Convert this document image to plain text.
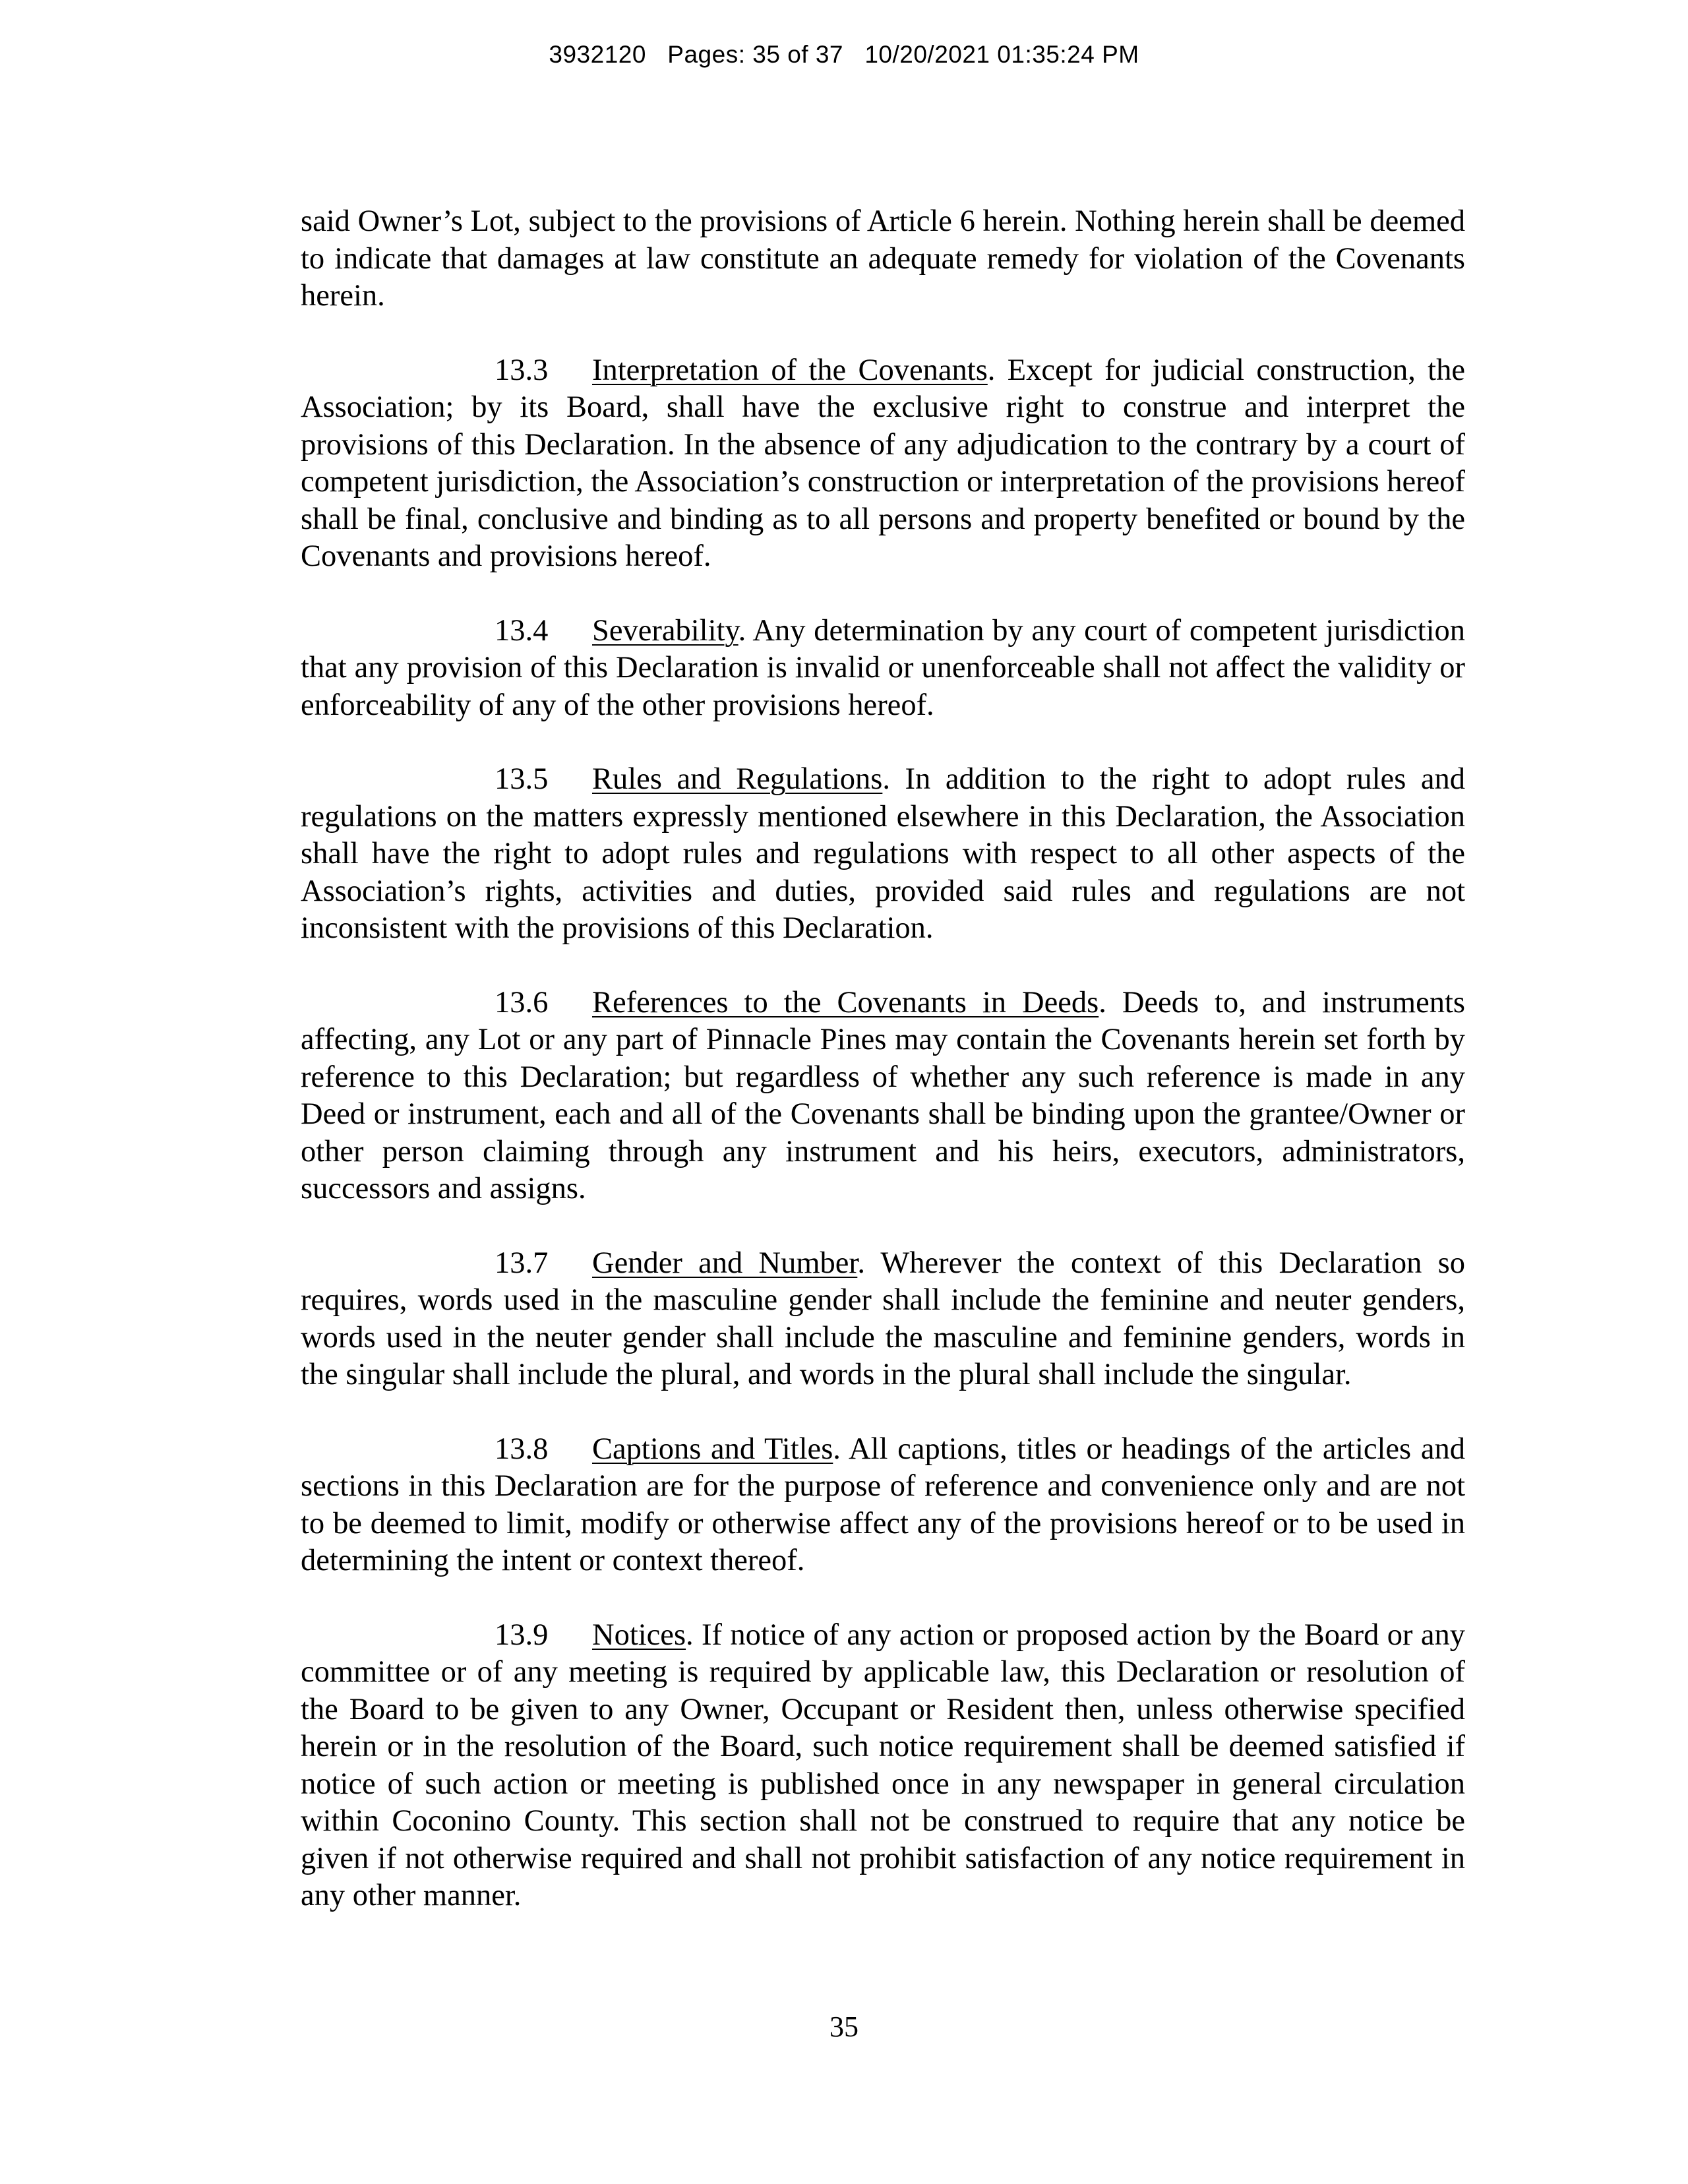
3932120   Pages: 35 of 37   10/20/2021 01:35:24 PM

said Owner’s Lot, subject to the provisions of Article 6 herein. Nothing herein shall be deemed to indicate that damages at law constitute an adequate remedy for violation of the Covenants herein.

13.3 Interpretation of the Covenants. Except for judicial construction, the Association; by its Board, shall have the exclusive right to construe and interpret the provisions of this Declaration. In the absence of any adjudication to the contrary by a court of competent jurisdiction, the Association’s construction or interpretation of the provisions hereof shall be final, conclusive and binding as to all persons and property benefited or bound by the Covenants and provisions hereof.

13.4 Severability. Any determination by any court of competent jurisdiction that any provision of this Declaration is invalid or unenforceable shall not affect the validity or enforceability of any of the other provisions hereof.

13.5 Rules and Regulations. In addition to the right to adopt rules and regulations on the matters expressly mentioned elsewhere in this Declaration, the Association shall have the right to adopt rules and regulations with respect to all other aspects of the Association’s rights, activities and duties, provided said rules and regulations are not inconsistent with the provisions of this Declaration.

13.6 References to the Covenants in Deeds. Deeds to, and instruments affecting, any Lot or any part of Pinnacle Pines may contain the Covenants herein set forth by reference to this Declaration; but regardless of whether any such reference is made in any Deed or instrument, each and all of the Covenants shall be binding upon the grantee/Owner or other person claiming through any instrument and his heirs, executors, administrators, successors and assigns.

13.7 Gender and Number. Wherever the context of this Declaration so requires, words used in the masculine gender shall include the feminine and neuter genders, words used in the neuter gender shall include the masculine and feminine genders, words in the singular shall include the plural, and words in the plural shall include the singular.

13.8 Captions and Titles. All captions, titles or headings of the articles and sections in this Declaration are for the purpose of reference and convenience only and are not to be deemed to limit, modify or otherwise affect any of the provisions hereof or to be used in determining the intent or context thereof.

13.9 Notices. If notice of any action or proposed action by the Board or any committee or of any meeting is required by applicable law, this Declaration or resolution of the Board to be given to any Owner, Occupant or Resident then, unless otherwise specified herein or in the resolution of the Board, such notice requirement shall be deemed satisfied if notice of such action or meeting is published once in any newspaper in general circulation within Coconino County. This section shall not be construed to require that any notice be given if not otherwise required and shall not prohibit satisfaction of any notice requirement in any other manner.

35
